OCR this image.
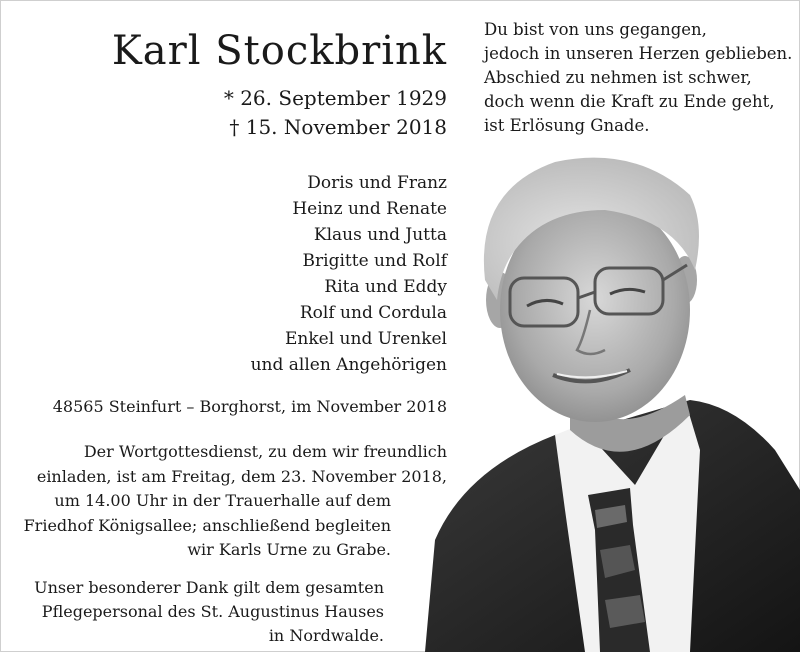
Karl Stockbrink
* 26. September 1929
† 15. November 2018
Du bist von uns gegangen,
jedoch in unseren Herzen geblieben.
Abschied zu nehmen ist schwer,
doch wenn die Kraft zu Ende geht,
ist Erlösung Gnade.
Doris und Franz
Heinz und Renate
Klaus und Jutta
Brigitte und Rolf
Rita und Eddy
Rolf und Cordula
Enkel und Urenkel
und allen Angehörigen
48565 Steinfurt – Borghorst, im November 2018
Der Wortgottesdienst, zu dem wir freundlich
einladen, ist am Freitag, dem 23. November 2018,
um 14.00 Uhr in der Trauerhalle auf dem
Friedhof Königsallee; anschließend begleiten
wir Karls Urne zu Grabe.
Unser besonderer Dank gilt dem gesamten
Pflegepersonal des St. Augustinus Hauses
in Nordwalde.
